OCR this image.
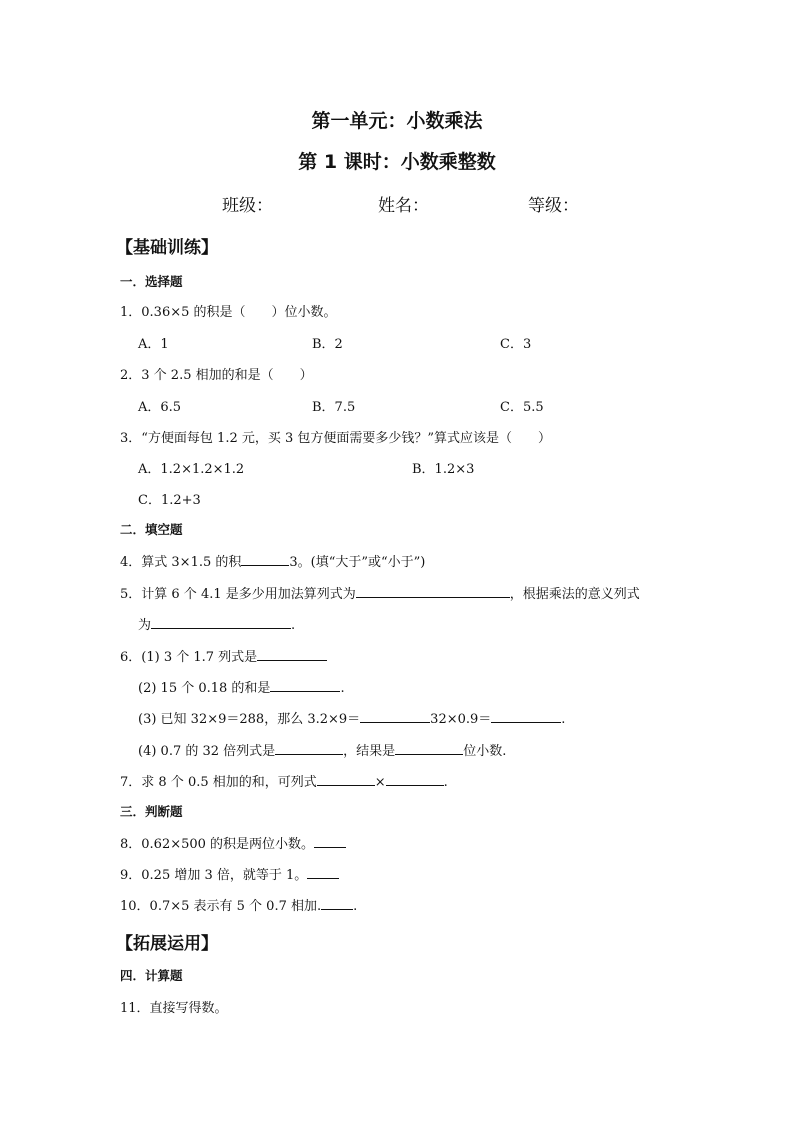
第一单元：小数乘法
第 1 课时：小数乘整数
班级：	姓名：	等级：
【基础训练】
一．选择题
1．0.36×5 的积是（　　）位小数。
A．1	B．2	C．3
2．3 个 2.5 相加的和是（　　）
A．6.5	B．7.5	C．5.5
3．“方便面每包 1.2 元，买 3 包方便面需要多少钱？”算式应该是（　　）
A．1.2×1.2×1.2	B．1.2×3
C．1.2+3
二．填空题
4．算式 3×1.5 的积	3。(填“大于”或“小于”)
5．计算 6 个 4.1 是多少用加法算列式为	，根据乘法的意义列式
为	.
6．(1) 3 个 1.7 列式是
(2) 15 个 0.18 的和是	.
(3) 已知 32×9＝288，那么 3.2×9＝	32×0.9＝	.
(4) 0.7 的 32 倍列式是	，结果是	位小数.
7．求 8 个 0.5 相加的和，可列式	×	.
三．判断题
8．0.62×500 的积是两位小数。
9．0.25 增加 3 倍，就等于 1。
10．0.7×5 表示有 5 个 0.7 相加. .
【拓展运用】
四．计算题
11．直接写得数。
